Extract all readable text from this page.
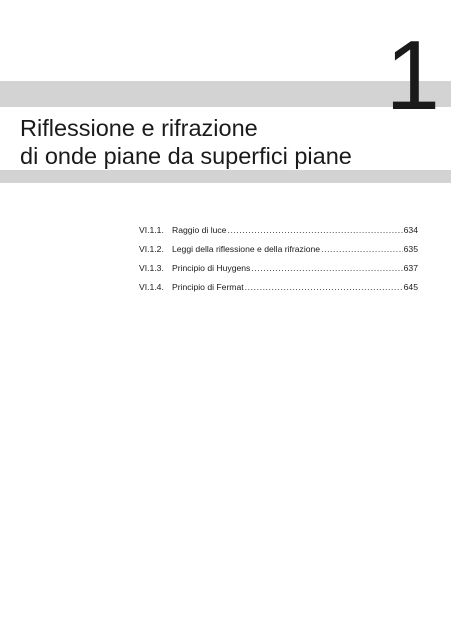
1
Riflessione e rifrazione
di onde piane da superfici piane
VI.1.1. Raggio di luce .....	634
VI.1.2. Leggi della riflessione e della rifrazione .....	635
VI.1.3. Principio di Huygens .....	637
VI.1.4. Principio di Fermat .....	645
